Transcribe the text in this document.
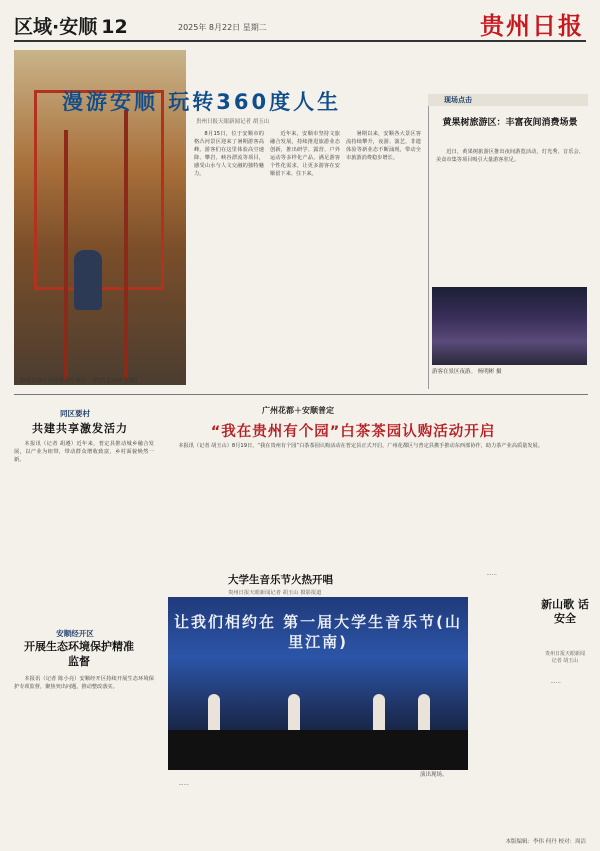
区域·安顺 12	2025年 8月22日 星期二	贵州日报
游客在格凸河体验高空项目。（黔西北360°供图）
漫游安顺 玩转360度人生
贵州日报天眼新闻记者 胡玉山

8月15日，位于安顺市的格凸河景区迎来了暑期游客高峰。游客们在这里体验高空速降、攀岩、峡谷漂流等项目，感受山水与人文交融的独特魅力。

近年来，安顺市坚持文旅融合发展，持续推进旅游业态创新，推出研学、露营、户外运动等多样化产品，满足游客个性化需求，让更多游客在安顺留下来、住下来。

暑期以来，安顺各大景区客流持续攀升，夜游、演艺、非遗体验等新业态不断涌现，带动全市旅游消费稳步增长。

现场点击
黄果树旅游区：丰富夜间消费场景

近日，黄果树旅游区推出夜间游览活动，灯光秀、音乐会、美食市集等项目吸引大量游客驻足。

游客在景区夜游。 杨明彬 摄
同区要村
共建共享激发活力

本报讯（记者 胡遵）近年来，普定县推动城乡融合发展，以产业为纽带，带动群众增收致富，乡村面貌焕然一新。

安顺经开区
开展生态环境保护精准监督

本报讯（记者 陈小亮）安顺经开区持续开展生态环境保护专项监督，聚焦突出问题，推动整改落实。

广州花都＋安顺普定
“我在贵州有个园”白茶茶园认购活动开启

本报讯（记者 胡玉山）8月19日，“我在贵州有个园”白茶茶园认购活动在普定县正式开启，广州花都区与普定县携手推动东西部协作，助力茶产业高质量发展。

大学生音乐节火热开唱
贵州日报天眼新闻记者 胡玉山 摄影报道
让我们相约在 第一届大学生音乐节(山里江南)
演出现场。

……

……

新山歌 话安全
贵州日报天眼新闻记者 胡玉山

……

本版编辑：李伟 何丹 校对：周洁
